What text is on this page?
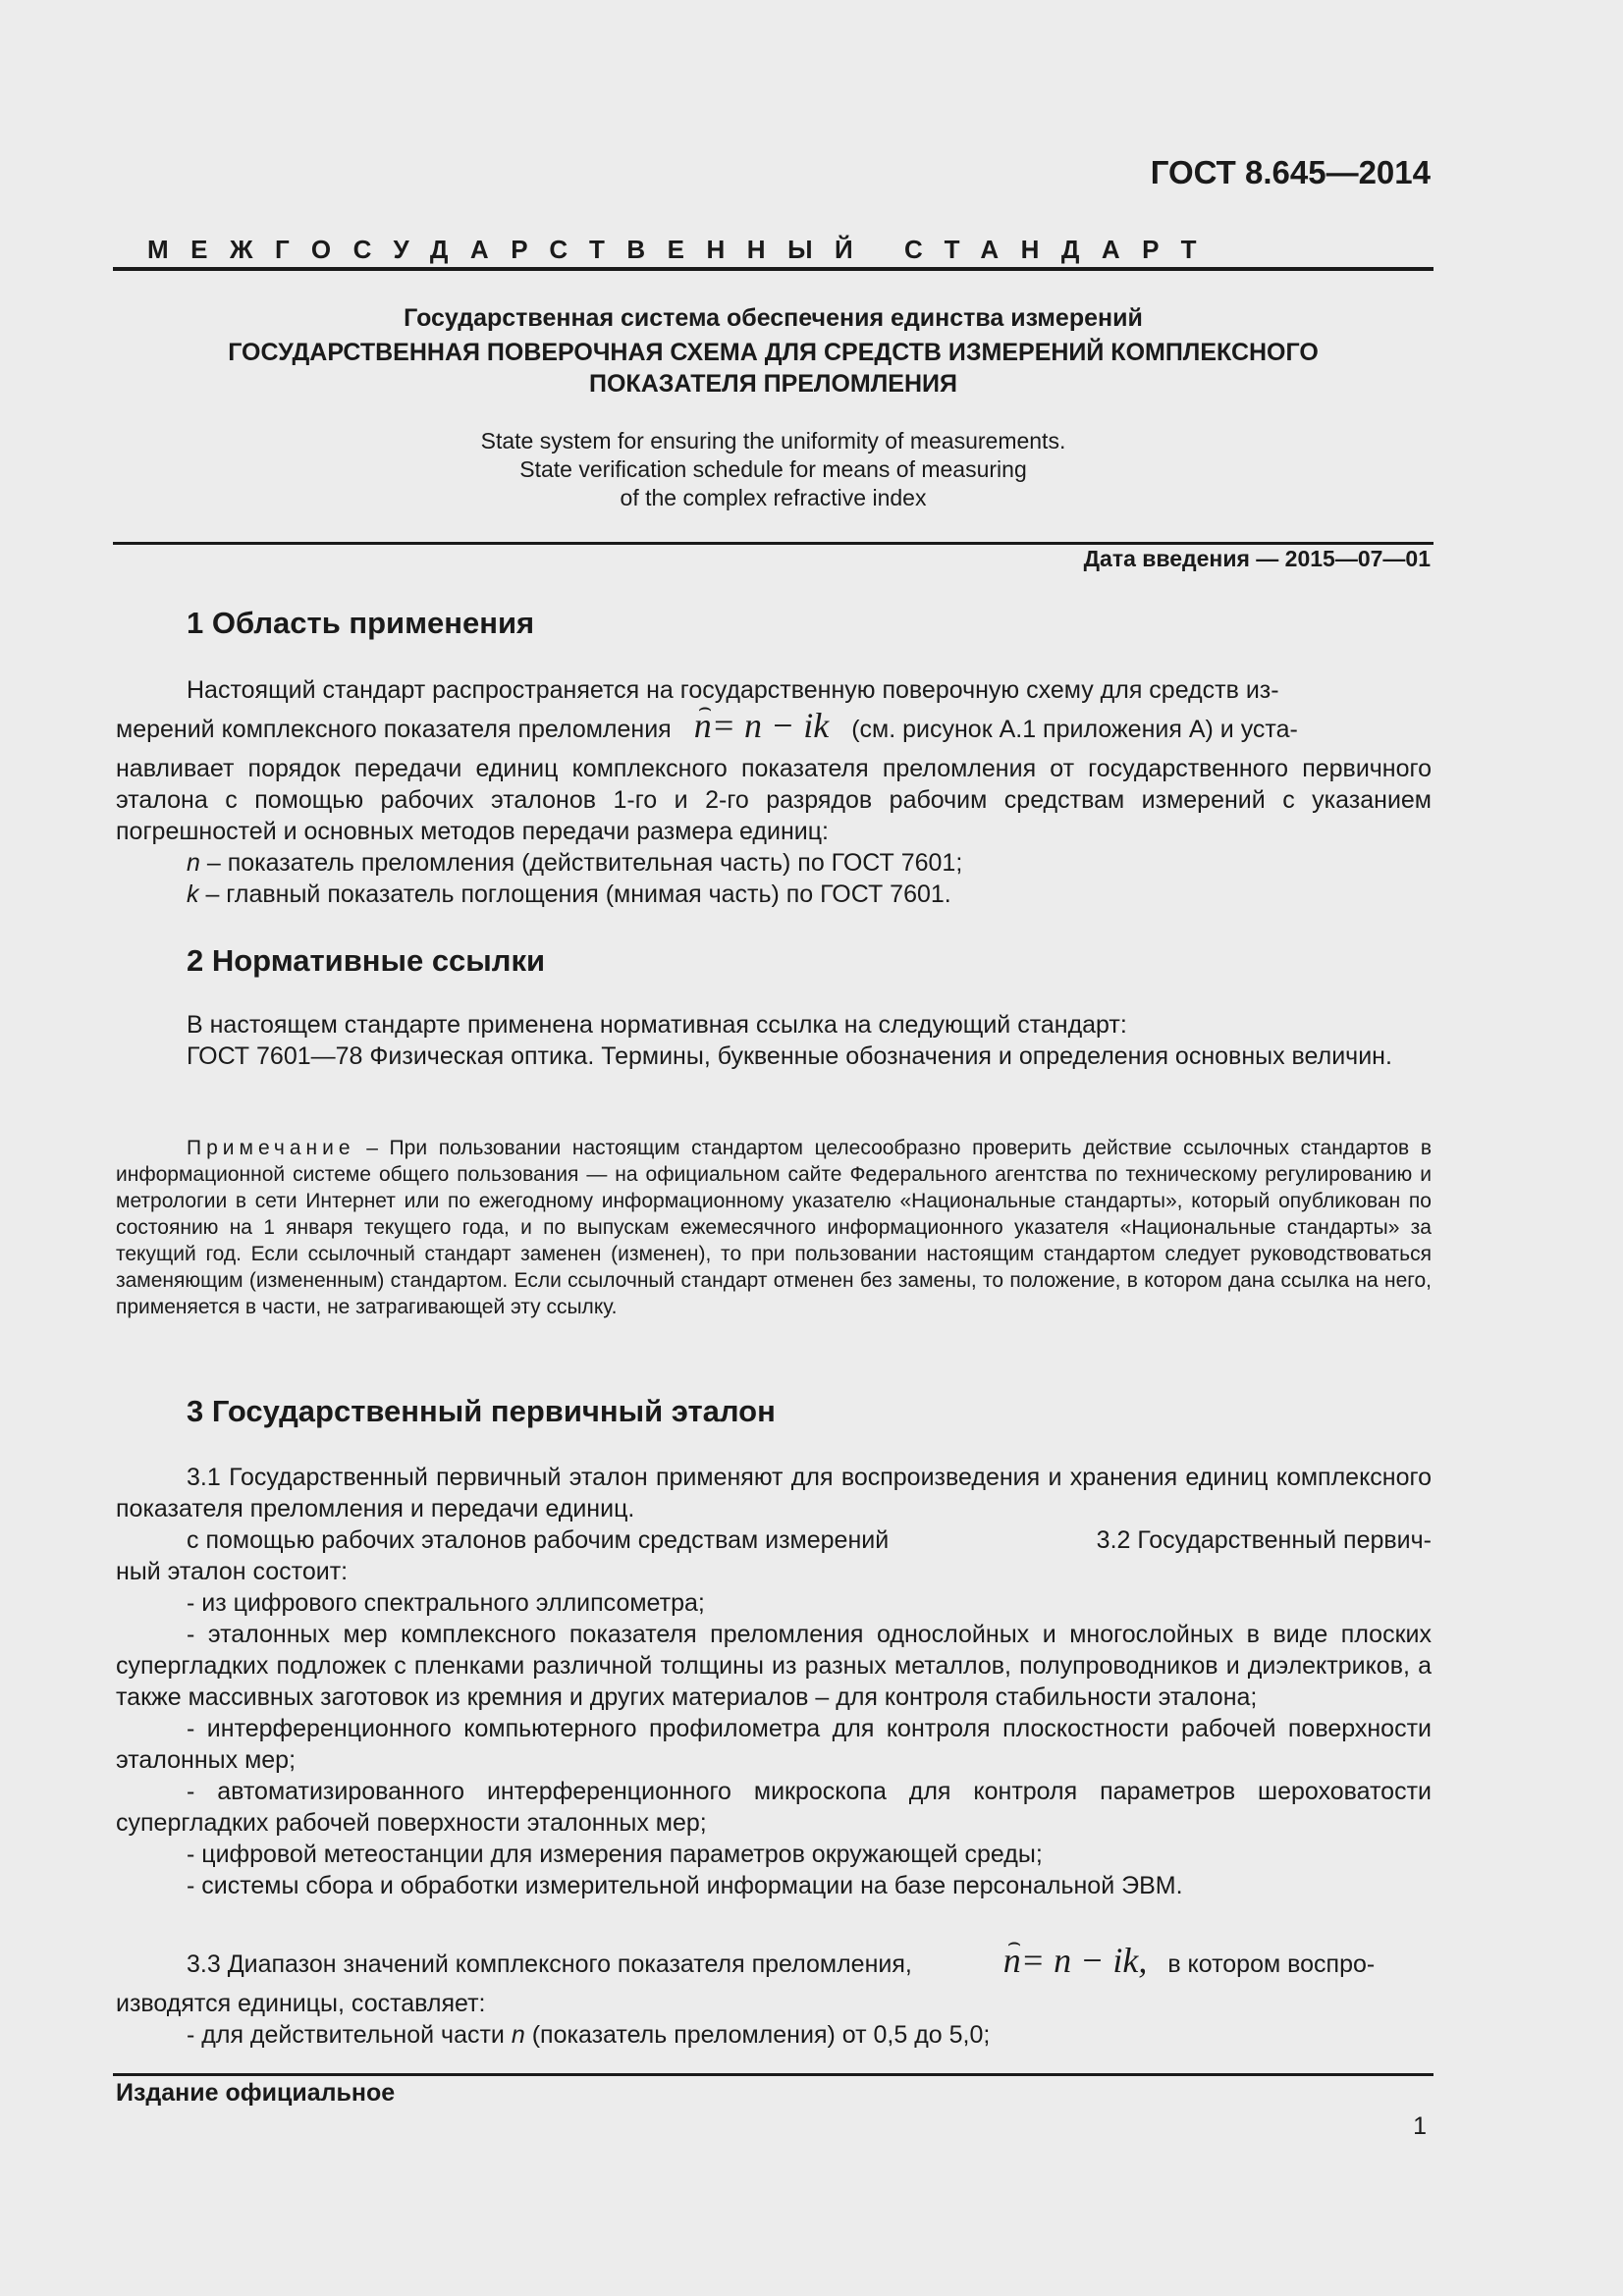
ГОСТ 8.645—2014
МЕЖГОСУДАРСТВЕННЫЙ СТАНДАРТ
Государственная система обеспечения единства измерений
ГОСУДАРСТВЕННАЯ ПОВЕРОЧНАЯ СХЕМА ДЛЯ СРЕДСТВ ИЗМЕРЕНИЙ КОМПЛЕКСНОГО
ПОКАЗАТЕЛЯ ПРЕЛОМЛЕНИЯ
State system for ensuring the uniformity of measurements.
State verification schedule for means of measuring
of the complex refractive index
Дата введения — 2015—07—01
1 Область применения
Настоящий стандарт распространяется на государственную поверочную схему для средств из-
мерений комплексного показателя преломления ⌢ n= n − ik (см. рисунок А.1 приложения А) и уста-
навливает порядок передачи единиц комплексного показателя преломления от государственного первичного эталона с помощью рабочих эталонов 1-го и 2-го разрядов рабочим средствам измерений с указанием погрешностей и основных методов передачи размера единиц:
n – показатель преломления (действительная часть) по ГОСТ 7601;
k – главный показатель поглощения (мнимая часть) по ГОСТ 7601.
2 Нормативные ссылки
В настоящем стандарте применена нормативная ссылка на следующий стандарт:
ГОСТ 7601—78 Физическая оптика. Термины, буквенные обозначения и определения основных величин.
Примечание – При пользовании настоящим стандартом целесообразно проверить действие ссылочных стандартов в информационной системе общего пользования — на официальном сайте Федерального агентства по техническому регулированию и метрологии в сети Интернет или по ежегодному информационному указателю «Национальные стандарты», который опубликован по состоянию на 1 января текущего года, и по выпускам ежемесячного информационного указателя «Национальные стандарты» за текущий год. Если ссылочный стандарт заменен (изменен), то при пользовании настоящим стандартом следует руководствоваться заменяющим (измененным) стандартом. Если ссылочный стандарт отменен без замены, то положение, в котором дана ссылка на него, применяется в части, не затрагивающей эту ссылку.
3 Государственный первичный эталон
3.1 Государственный первичный эталон применяют для воспроизведения и хранения единиц комплексного показателя преломления и передачи единиц.
с помощью рабочих эталонов рабочим средствам измерений	3.2 Государственный первич-
ный эталон состоит:
- из цифрового спектрального эллипсометра;
- эталонных мер комплексного показателя преломления однослойных и многослойных в виде плоских супергладких подложек с пленками различной толщины из разных металлов, полупроводников и диэлектриков, а также массивных заготовок из кремния и других материалов – для контроля стабильности эталона;
- интерференционного компьютерного профилометра для контроля плоскостности рабочей поверхности эталонных мер;
- автоматизированного интерференционного микроскопа для контроля параметров шероховатости супергладких рабочей поверхности эталонных мер;
- цифровой метеостанции для измерения параметров окружающей среды;
- системы сбора и обработки измерительной информации на базе персональной ЭВМ.
3.3 Диапазон значений комплексного показателя преломления,	⌢ n= n − ik, в котором воспро-
изводятся единицы, составляет:
- для действительной части n (показатель преломления) от 0,5 до 5,0;
Издание официальное
1
